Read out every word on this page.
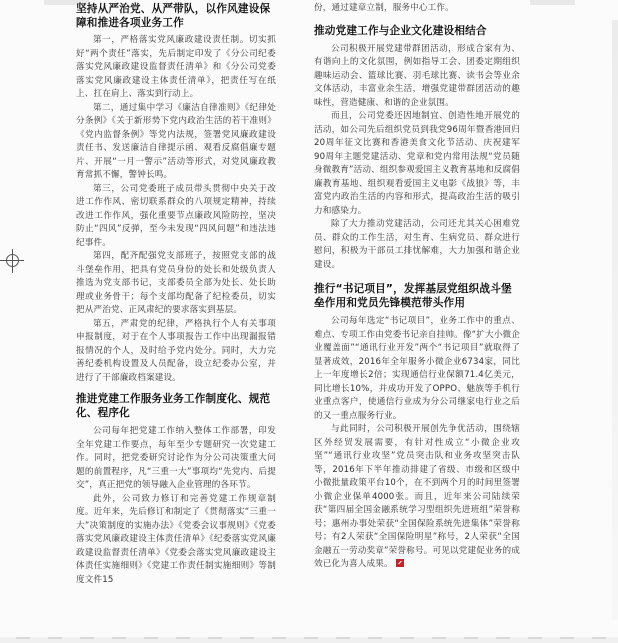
坚持从严治党、从严带队，以作风建设保障和推进各项业务工作

第一，严格落实党风廉政建设责任制。切实抓好“两个责任”落实，先后制定印发了《分公司纪委落实党风廉政建设监督责任清单》和《分公司党委落实党风廉政建设主体责任清单》，把责任写在纸上、扛在肩上、落实到行动上。

第二，通过集中学习《廉洁自律准则》《纪律处分条例》《关于新形势下党内政治生活的若干准则》《党内监督条例》等党内法规，签署党风廉政建设责任书、发送廉洁自律提示函、观看反腐倡廉专题片、开展“一月一警示”活动等形式，对党风廉政教育常抓不懈，警钟长鸣。

第三，公司党委班子成员带头贯彻中央关于改进工作作风、密切联系群众的八项规定精神，持续改进工作作风，强化重要节点廉政风险防控，坚决防止“四风”反弹，至今未发现“四风问题”和违法违纪事件。

第四，配齐配强党支部班子，按照党支部的战斗堡垒作用，把具有党员身份的处长和处级负责人推选为党支部书记，支部委员全部为处长、处长助理或业务骨干；每个支部均配备了纪检委员，切实把从严治党、正风肃纪的要求落实到基层。

第五，严肃党的纪律，严格执行个人有关事项申报制度，对于在个人事项报告工作中出现漏报错报情况的个人，及时给予党内处分。同时，大力完善纪委机构设置及人员配备，设立纪委办公室，并进行了干部廉政档案建设。

推进党建工作服务业务工作制度化、规范化、程序化

公司每年把党建工作纳入整体工作部署，印发全年党建工作要点，每年至少专题研究一次党建工作。同时，把党委研究讨论作为分公司决策重大问题的前置程序，凡“三重一大”事项均“先党内、后提交”，真正把党的领导融入企业管理的各环节。

此外，公司致力修订和完善党建工作规章制度。近年来，先后修订和制定了《贯彻落实“三重一大”决策制度的实施办法》《党委会议事规则》《党委落实党风廉政建设主体责任清单》《纪委落实党风廉政建设监督责任清单》《党委会落实党风廉政建设主体责任实施细则》《党建工作责任制实施细则》等制度文件15

份，通过建章立制，服务中心工作。

推动党建工作与企业文化建设相结合

公司积极开展党建带群团活动，形成合家有为、有谐向上的文化氛围，例如指导工会、团委定期组织趣味运动会、篮球比赛、羽毛球比赛、读书会等业余文体活动，丰富业余生活，增强党建带群团活动的趣味性，营造健康、和谐的企业氛围。

而且，公司党委还因地制宜、创造性地开展党的活动，如公司先后组织党员到我党96周年暨香港回归20周年征文比赛和香港美食文化节活动、庆祝建军90周年主题党建活动、党章和党内常用法规“党员随身微教育”活动、组织参观爱国主义教育基地和反腐倡廉教育基地、组织观看爱国主义电影《战狼》等，丰富党内政治生活的内容和形式，提高政治生活的吸引力和感染力。

除了大力推动党建活动，公司还尤其关心困难党员、群众的工作生活，对生育、生病党员、群众进行慰问，积极为干部员工排忧解难，大力加强和谐企业建设。

推行“书记项目”，发挥基层党组织战斗堡垒作用和党员先锋模范带头作用

公司每年选定“书记项目”，业务工作中的重点、难点、专项工作由党委书记亲自挂帅。像“扩大小微企业覆盖面”“通讯行业开发”两个“书记项目”就取得了显著成效，2016年全年服务小微企业6734家，同比上一年度增长2倍；实现通信行业保额71.4亿美元，同比增长10%，并成功开发了OPPO、魅族等手机行业重点客户，使通信行业成为分公司继家电行业之后的又一重点服务行业。

与此同时，公司积极开展创先争优活动，围绕辖区外经贸发展需要，有针对性成立“小微企业攻坚”“通讯行业攻坚”党员突击队和业务攻坚突击队等，2016年下半年推动排建了省级、市级和区级中小微批量政策平台10个，在不到两个月的时间里签署小微企业保单4000张。而且，近年来公司陆续荣获“第四届全国金融系统学习型组织先进班组”荣誉称号；惠州办事处荣获“全国保险系统先进集体”荣誉称号；有2人荣获“全国保险明星”称号，2人荣获“全国金融五一劳动奖章”荣誉称号。可见以党建促业务的成效已化为喜人成果。
